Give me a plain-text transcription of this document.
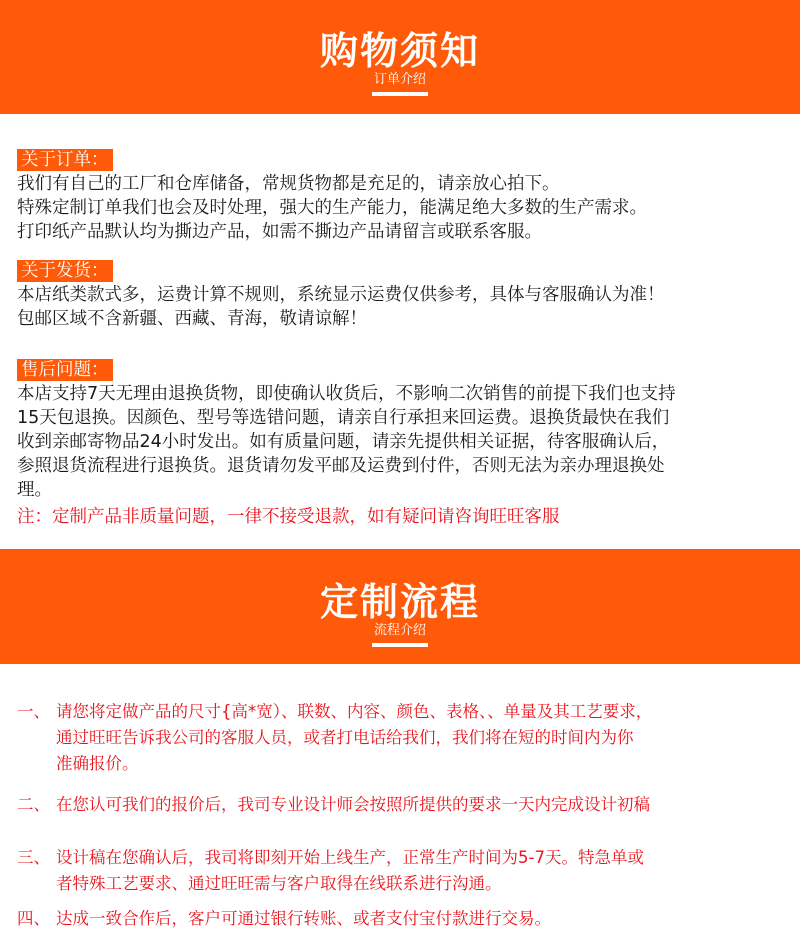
购物须知
订单介绍
关于订单：
我们有自己的工厂和仓库储备，常规货物都是充足的，请亲放心拍下。
特殊定制订单我们也会及时处理，强大的生产能力，能满足绝大多数的生产需求。
打印纸产品默认均为撕边产品，如需不撕边产品请留言或联系客服。
关于发货：
本店纸类款式多，运费计算不规则，系统显示运费仅供参考，具体与客服确认为准！
包邮区域不含新疆、西藏、青海，敬请谅解！
售后问题：
本店支持7天无理由退换货物，即使确认收货后，不影响二次销售的前提下我们也支持
15天包退换。因颜色、型号等选错问题，请亲自行承担来回运费。退换货最快在我们
收到亲邮寄物品24小时发出。如有质量问题，请亲先提供相关证据，待客服确认后，
参照退货流程进行退换货。退货请勿发平邮及运费到付件，否则无法为亲办理退换处
理。
注：定制产品非质量问题，一律不接受退款，如有疑问请咨询旺旺客服
定制流程
流程介绍
一、 请您将定做产品的尺寸{高*宽）、联数、内容、颜色、表格、、单量及其工艺要求，
通过旺旺告诉我公司的客服人员，或者打电话给我们，我们将在短的时间内为你
准确报价。
二、 在您认可我们的报价后，我司专业设计师会按照所提供的要求一天内完成设计初稿
三、 设计稿在您确认后，我司将即刻开始上线生产，正常生产时间为5-7天。特急单或
者特殊工艺要求、通过旺旺需与客户取得在线联系进行沟通。
四、 达成一致合作后，客户可通过银行转账、或者支付宝付款进行交易。
